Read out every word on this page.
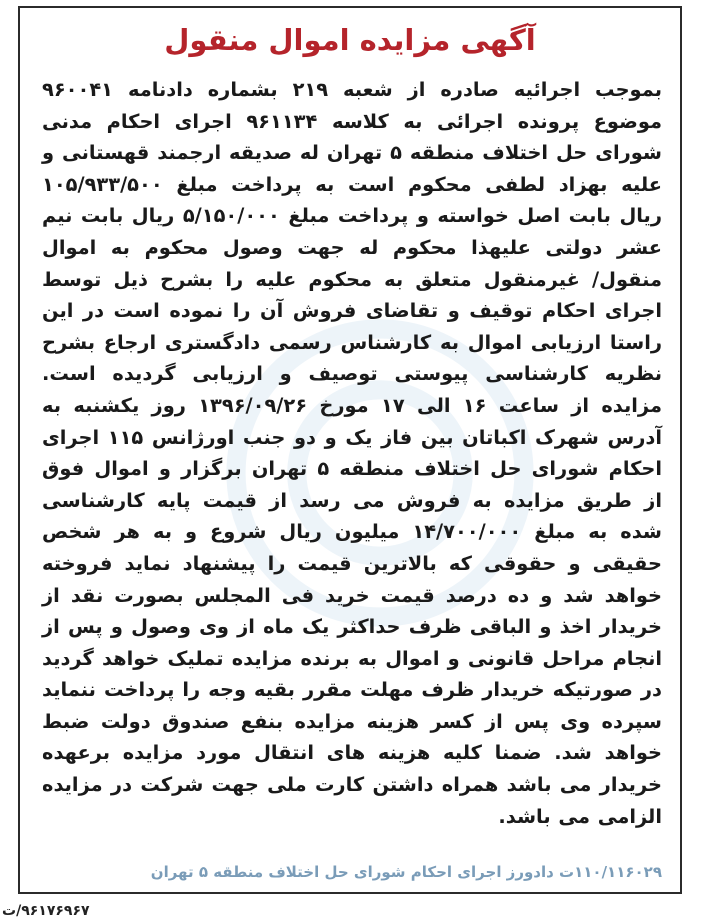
آگهی مزایده اموال منقول
بموجب اجرائیه صادره از شعبه ۲۱۹ بشماره دادنامه ۹۶۰۰۴۱ موضوع پرونده اجرائی به کلاسه ۹۶۱۱۳۴ اجرای احکام مدنی شورای حل اختلاف منطقه ۵ تهران له صدیقه ارجمند قهستانی و علیه بهزاد لطفی محکوم است به پرداخت مبلغ ۱۰۵/۹۳۳/۵۰۰ ریال بابت اصل خواسته و پرداخت مبلغ ۵/۱۵۰/۰۰۰ ریال بابت نیم عشر دولتی علیهذا محکوم له جهت وصول محکوم به اموال منقول/ غیرمنقول متعلق به محکوم علیه را بشرح ذیل توسط اجرای احکام توقیف و تقاضای فروش آن را نموده است در این راستا ارزیابی اموال به کارشناس رسمی دادگستری ارجاع بشرح نظریه کارشناسی پیوستی توصیف و ارزیابی گردیده است. مزایده از ساعت ۱۶ الی ۱۷ مورخ ۱۳۹۶/۰۹/۲۶ روز یکشنبه به آدرس شهرک اکباتان بین فاز یک و دو جنب اورژانس ۱۱۵ اجرای احکام شورای حل اختلاف منطقه ۵ تهران برگزار و اموال فوق از طریق مزایده به فروش می رسد از قیمت پایه کارشناسی شده به مبلغ ۱۴/۷۰۰/۰۰۰ میلیون ریال شروع و به هر شخص حقیقی و حقوقی که بالاترین قیمت را پیشنهاد نماید فروخته خواهد شد و ده درصد قیمت خرید فی المجلس بصورت نقد از خریدار اخذ و الباقی ظرف حداکثر یک ماه از وی وصول و پس از انجام مراحل قانونی و اموال به برنده مزایده تملیک خواهد گردید در صورتیکه خریدار ظرف مهلت مقرر بقیه وجه را پرداخت ننماید سپرده وی پس از کسر هزینه مزایده بنفع صندوق دولت ضبط خواهد شد. ضمنا کلیه هزینه های انتقال مورد مزایده برعهده خریدار می باشد همراه داشتن کارت ملی جهت شرکت در مزایده الزامی می باشد.
۱۱۰/۱۱۶۰۲۹ت دادورز اجرای احکام شورای حل اختلاف منطقه ۵ تهران
۹۶۱۷۶۹۶۷/ت
